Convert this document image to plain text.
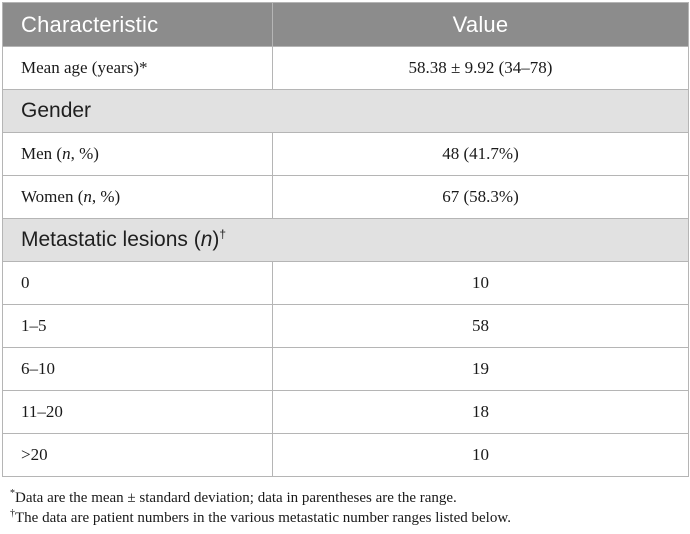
Characteristic	Value
Mean age (years)*	58.38 ± 9.92 (34–78)
Gender	
Men (n, %)	48 (41.7%)
Women (n, %)	67 (58.3%)
Metastatic lesions (n)†
0	10
1–5	58
6–10	19
11–20	18
>20	10
*Data are the mean ± standard deviation; data in parentheses are the range.
†The data are patient numbers in the various metastatic number ranges listed below.
